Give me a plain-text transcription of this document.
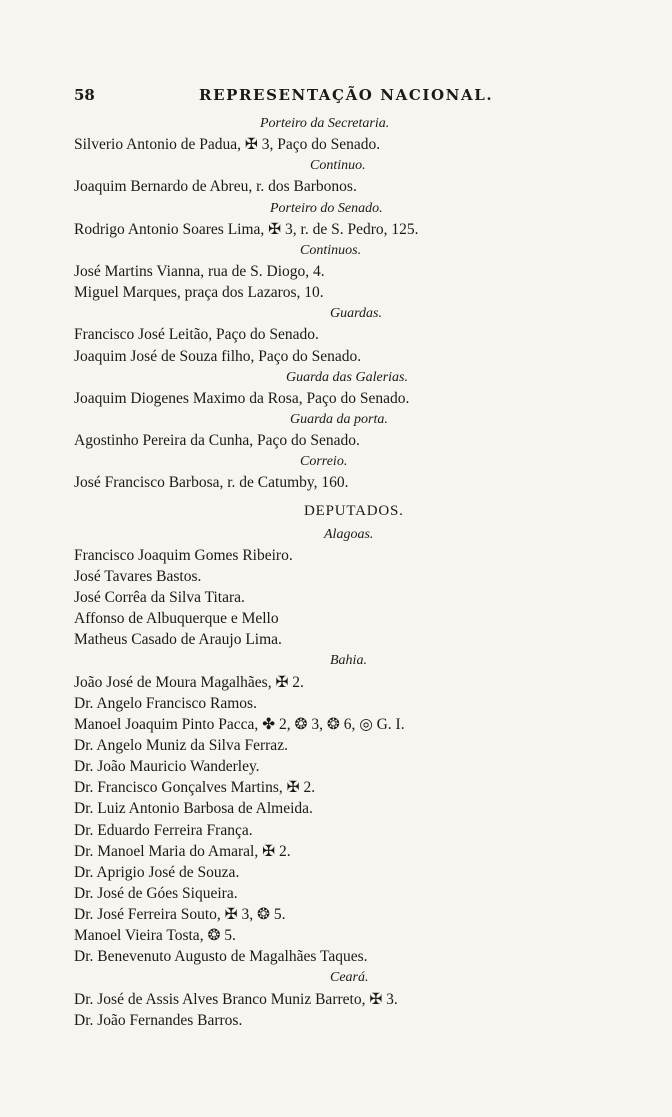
58	REPRESENTAÇÃO NACIONAL.
Porteiro da Secretaria.
Silverio Antonio de Padua, ✠ 3, Paço do Senado.
Continuo.
Joaquim Bernardo de Abreu, r. dos Barbonos.
Porteiro do Senado.
Rodrigo Antonio Soares Lima, ✠ 3, r. de S. Pedro, 125.
Continuos.
José Martins Vianna, rua de S. Diogo, 4.
Miguel Marques, praça dos Lazaros, 10.
Guardas.
Francisco José Leitão, Paço do Senado.
Joaquim José de Souza filho, Paço do Senado.
Guarda das Galerias.
Joaquim Diogenes Maximo da Rosa, Paço do Senado.
Guarda da porta.
Agostinho Pereira da Cunha, Paço do Senado.
Correio.
José Francisco Barbosa, r. de Catumby, 160.
DEPUTADOS.
Alagoas.
Francisco Joaquim Gomes Ribeiro.
José Tavares Bastos.
José Corrêa da Silva Titara.
Affonso de Albuquerque e Mello
Matheus Casado de Araujo Lima.
Bahia.
João José de Moura Magalhães, ✠ 2.
Dr. Angelo Francisco Ramos.
Manoel Joaquim Pinto Pacca, ✤ 2, ❂ 3, ❂ 6, ◎ G. I.
Dr. Angelo Muniz da Silva Ferraz.
Dr. João Mauricio Wanderley.
Dr. Francisco Gonçalves Martins, ✠ 2.
Dr. Luiz Antonio Barbosa de Almeida.
Dr. Eduardo Ferreira França.
Dr. Manoel Maria do Amaral, ✠ 2.
Dr. Aprigio José de Souza.
Dr. José de Góes Siqueira.
Dr. José Ferreira Souto, ✠ 3, ❂ 5.
Manoel Vieira Tosta, ❂ 5.
Dr. Benevenuto Augusto de Magalhães Taques.
Ceará.
Dr. José de Assis Alves Branco Muniz Barreto, ✠ 3.
Dr. João Fernandes Barros.
